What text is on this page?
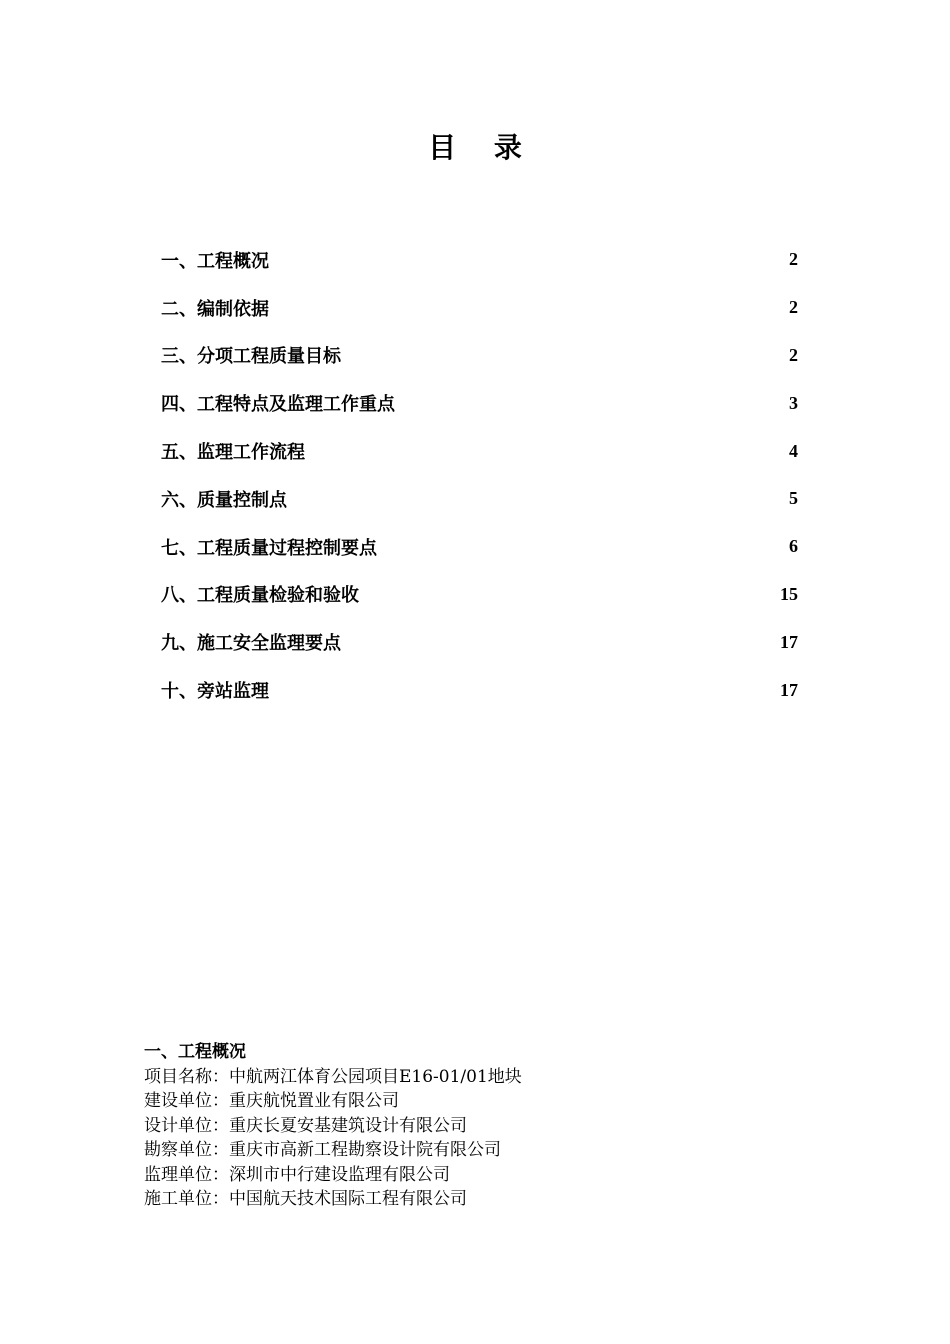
目 录
一、工程概况	2
二、编制依据	2
三、分项工程质量目标	2
四、工程特点及监理工作重点	3
五、监理工作流程	4
六、质量控制点	5
七、工程质量过程控制要点	6
八、工程质量检验和验收	15
九、施工安全监理要点	17
十、旁站监理	17

一、工程概况

项目名称：中航两江体育公园项目E16-01/01地块

建设单位：重庆航悦置业有限公司

设计单位：重庆长夏安基建筑设计有限公司

勘察单位：重庆市高新工程勘察设计院有限公司

监理单位：深圳市中行建设监理有限公司

施工单位：中国航天技术国际工程有限公司
